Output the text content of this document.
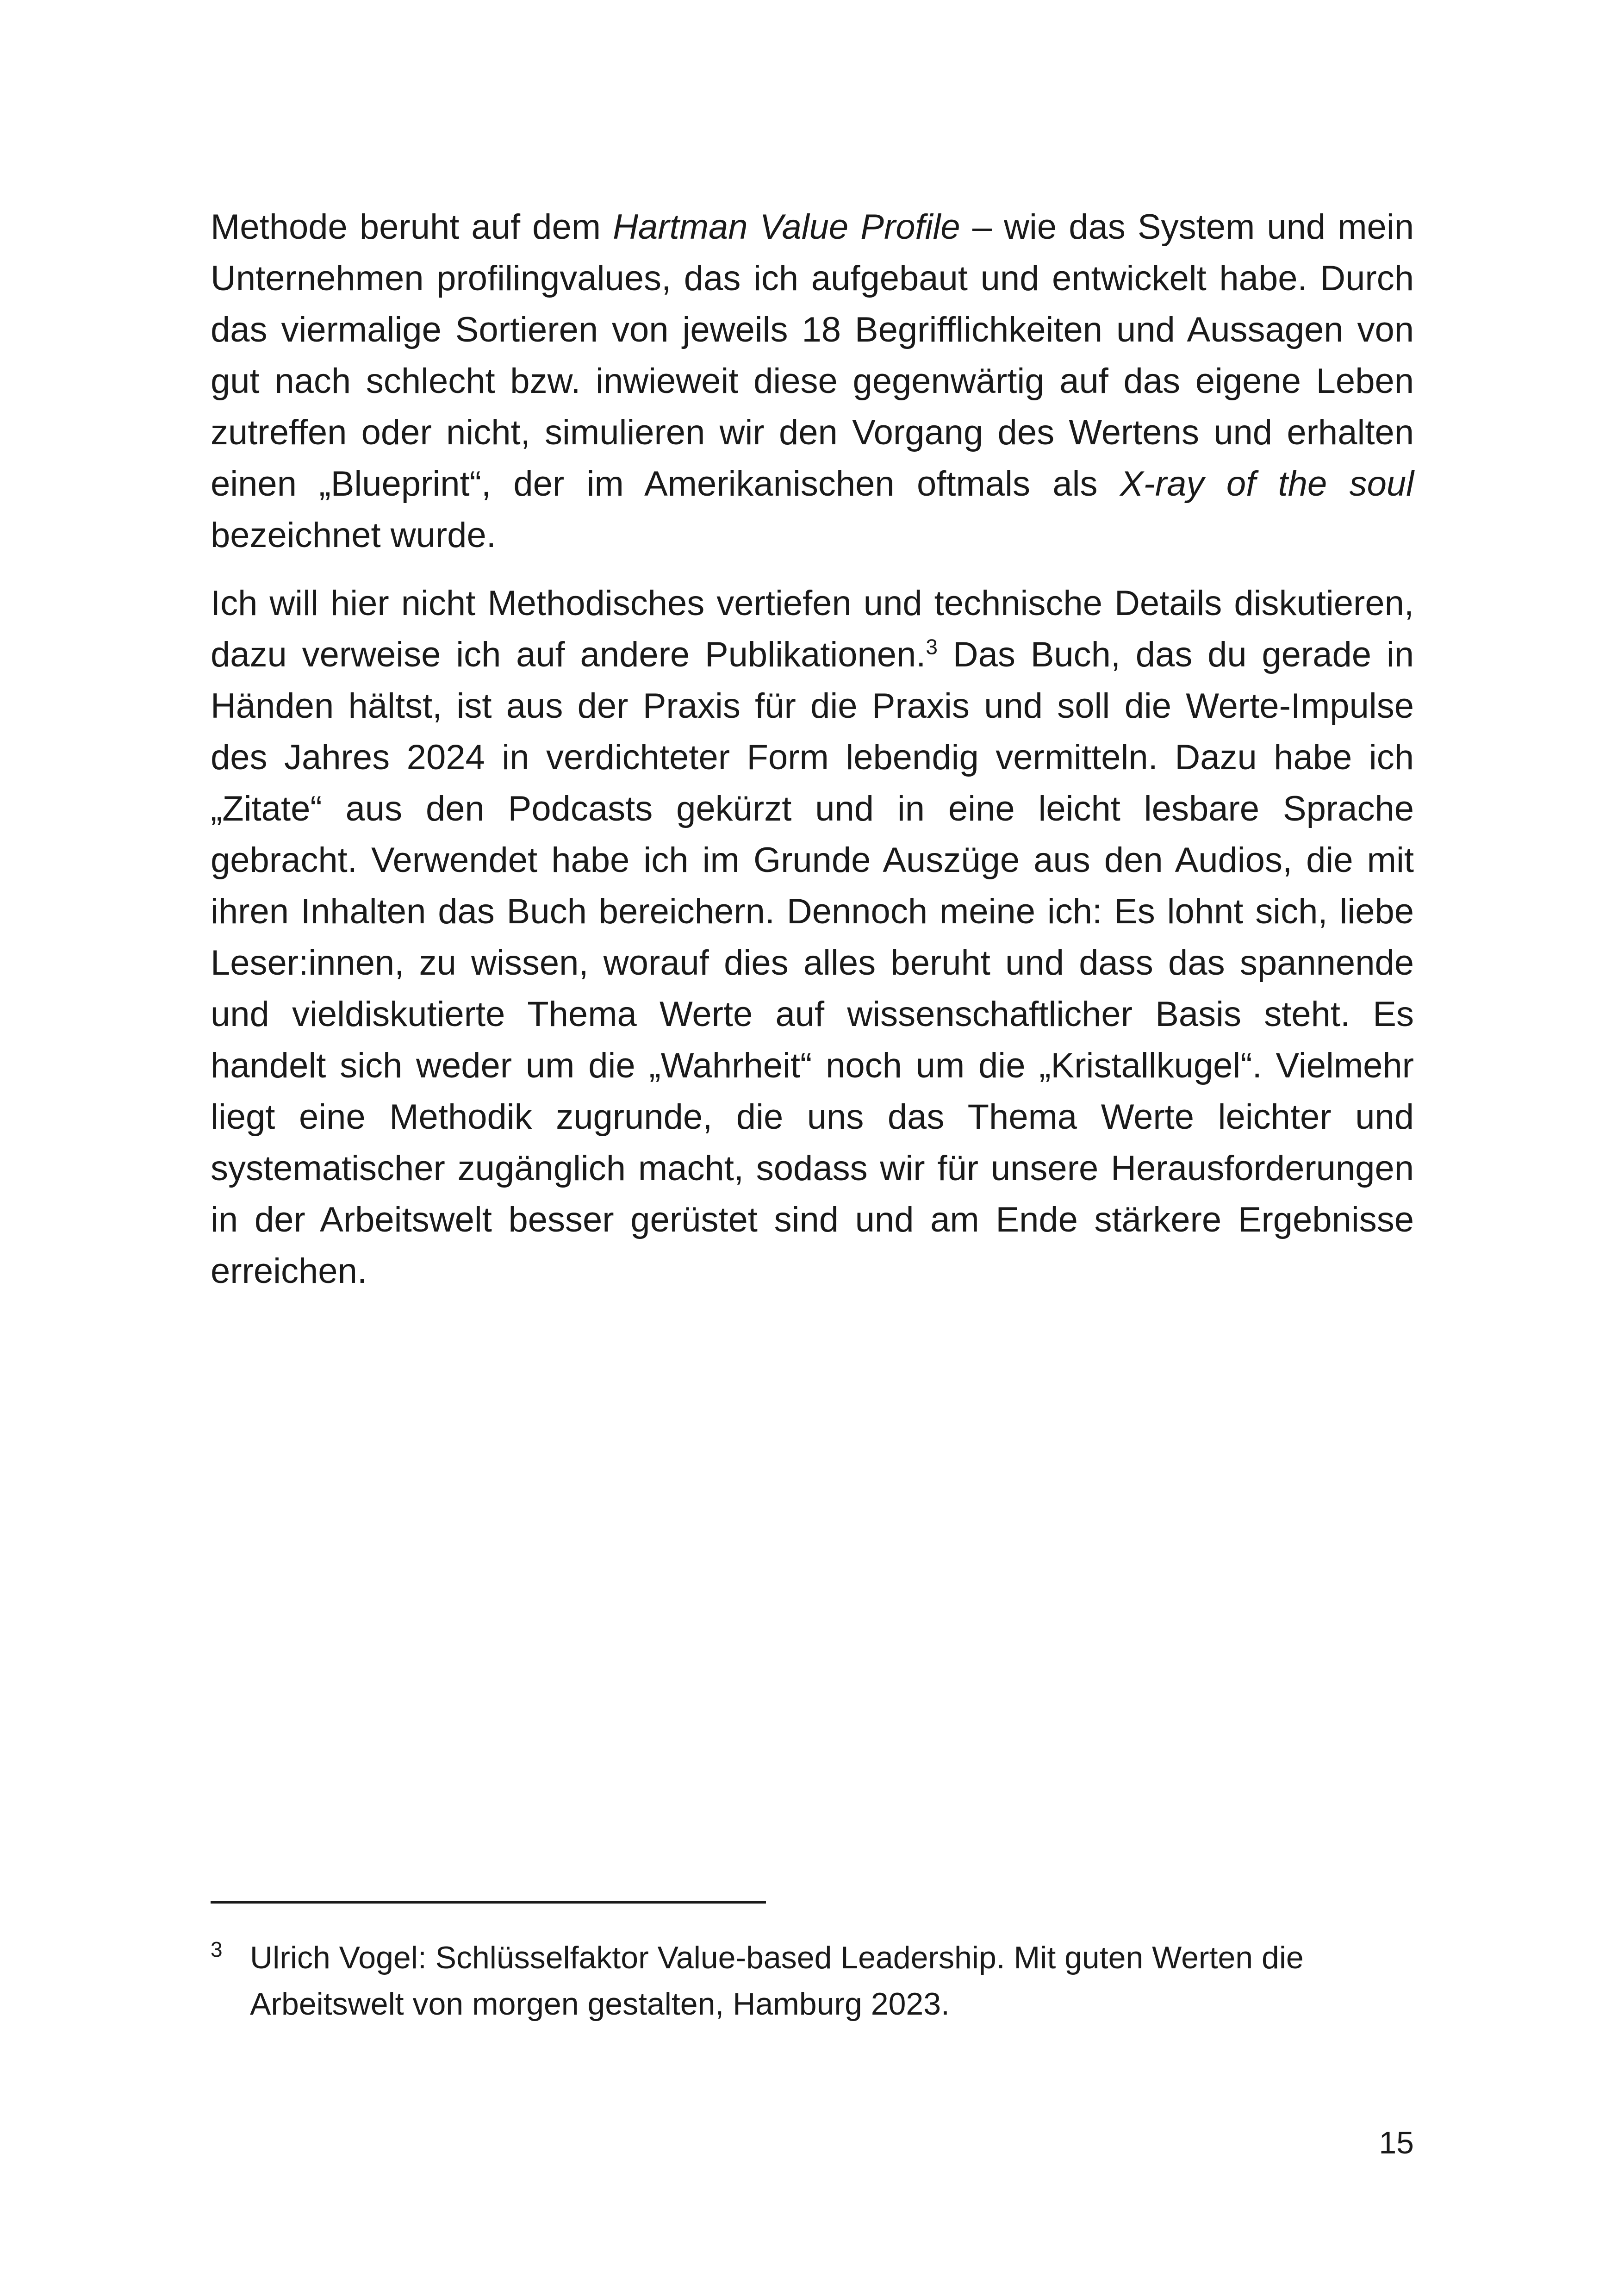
Methode beruht auf dem Hartman Value Profile – wie das System und mein Unternehmen profilingvalues, das ich aufgebaut und entwickelt habe. Durch das viermalige Sortieren von jeweils 18 Begrifflichkeiten und Aussagen von gut nach schlecht bzw. inwieweit diese gegenwärtig auf das eigene Leben zutreffen oder nicht, simulieren wir den Vorgang des Wertens und erhalten einen „Blueprint“, der im Amerikanischen oftmals als X-ray of the soul bezeichnet wurde.

Ich will hier nicht Methodisches vertiefen und technische Details diskutieren, dazu verweise ich auf andere Publikationen.$^3$ Das Buch, das du gerade in Händen hältst, ist aus der Praxis für die Praxis und soll die Werte-Impulse des Jahres 2024 in verdichteter Form lebendig vermitteln. Dazu habe ich „Zitate“ aus den Podcasts gekürzt und in eine leicht lesbare Sprache gebracht. Verwendet habe ich im Grunde Auszüge aus den Audios, die mit ihren Inhalten das Buch bereichern. Dennoch meine ich: Es lohnt sich, liebe Leser:innen, zu wissen, worauf dies alles beruht und dass das spannende und vieldiskutierte Thema Werte auf wissenschaftlicher Basis steht. Es handelt sich weder um die „Wahrheit“ noch um die „Kristallkugel“. Vielmehr liegt eine Methodik zugrunde, die uns das Thema Werte leichter und systematischer zugänglich macht, sodass wir für unsere Herausforderungen in der Arbeitswelt besser gerüstet sind und am Ende stärkere Ergebnisse erreichen.

3 Ulrich Vogel: Schlüsselfaktor Value-based Leadership. Mit guten Werten die Arbeitswelt von morgen gestalten, Hamburg 2023.
15
